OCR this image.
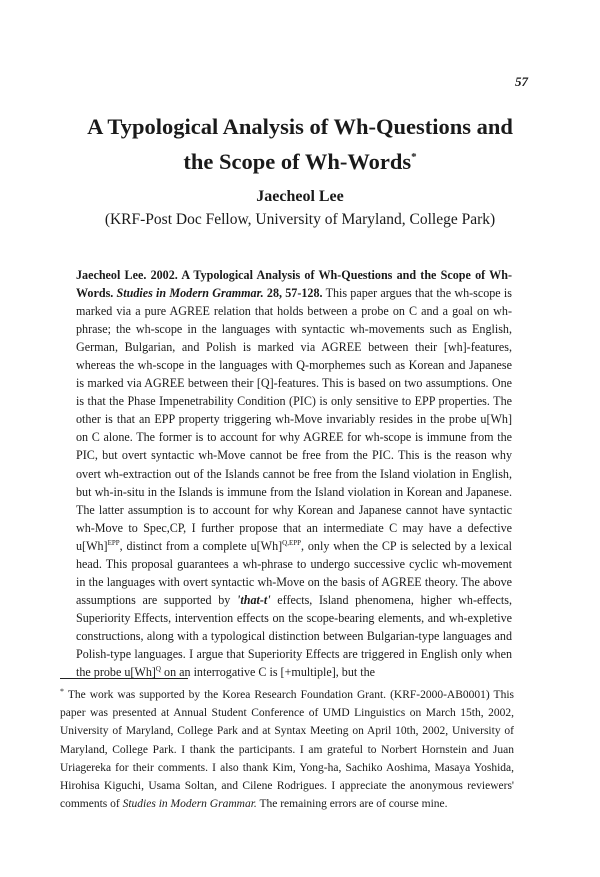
57
A Typological Analysis of Wh-Questions and
the Scope of Wh-Words*
Jaecheol Lee
(KRF-Post Doc Fellow, University of Maryland, College Park)
Jaecheol Lee. 2002. A Typological Analysis of Wh-Questions and the Scope of Wh-Words. Studies in Modern Grammar. 28, 57-128. This paper argues that the wh-scope is marked via a pure AGREE relation that holds between a probe on C and a goal on wh-phrase; the wh-scope in the languages with syntactic wh-movements such as English, German, Bulgarian, and Polish is marked via AGREE between their [wh]-features, whereas the wh-scope in the languages with Q-morphemes such as Korean and Japanese is marked via AGREE between their [Q]-features. This is based on two assumptions. One is that the Phase Impenetrability Condition (PIC) is only sensitive to EPP properties. The other is that an EPP property triggering wh-Move invariably resides in the probe u[Wh] on C alone. The former is to account for why AGREE for wh-scope is immune from the PIC, but overt syntactic wh-Move cannot be free from the PIC. This is the reason why overt wh-extraction out of the Islands cannot be free from the Island violation in English, but wh-in-situ in the Islands is immune from the Island violation in Korean and Japanese. The latter assumption is to account for why Korean and Japanese cannot have syntactic wh-Move to Spec,CP, I further propose that an intermediate C may have a defective $u[Wh]^{EPP}$, distinct from a complete $u[Wh]^{Q,EPP}$, only when the CP is selected by a lexical head. This proposal guarantees a wh-phrase to undergo successive cyclic wh-movement in the languages with overt syntactic wh-Move on the basis of AGREE theory. The above assumptions are supported by 'that-t' effects, Island phenomena, higher wh-effects, Superiority Effects, intervention effects on the scope-bearing elements, and wh-expletive constructions, along with a typological distinction between Bulgarian-type languages and Polish-type languages. I argue that Superiority Effects are triggered in English only when the probe $u[Wh]^Q$ on an interrogative C is [+multiple], but the
* The work was supported by the Korea Research Foundation Grant. (KRF-2000-AB0001) This paper was presented at Annual Student Conference of UMD Linguistics on March 15th, 2002, University of Maryland, College Park and at Syntax Meeting on April 10th, 2002, University of Maryland, College Park. I thank the participants. I am grateful to Norbert Hornstein and Juan Uriagereka for their comments. I also thank Kim, Yong-ha, Sachiko Aoshima, Masaya Yoshida, Hirohisa Kiguchi, Usama Soltan, and Cilene Rodrigues. I appreciate the anonymous reviewers' comments of Studies in Modern Grammar. The remaining errors are of course mine.
